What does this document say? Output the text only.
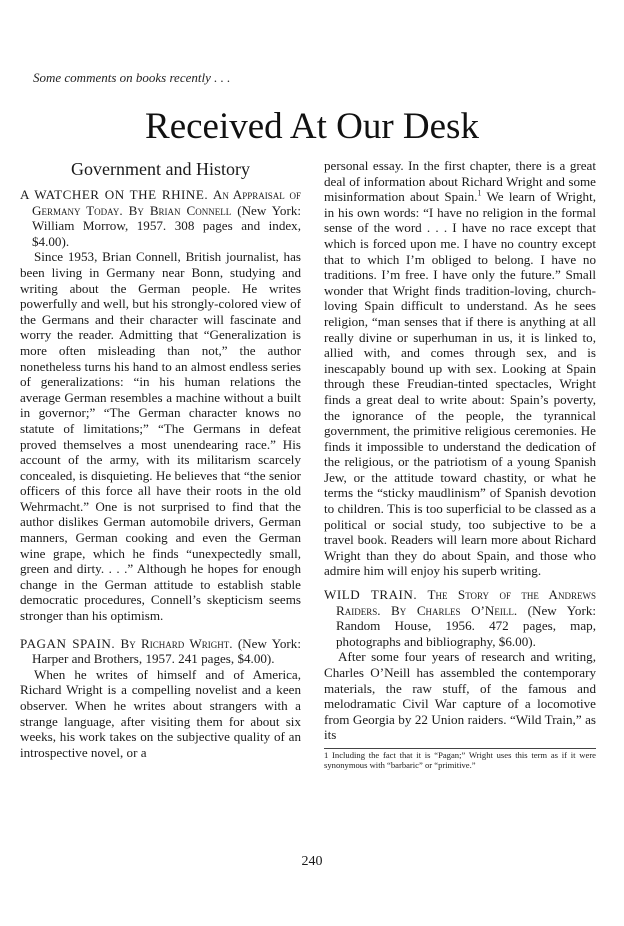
Some comments on books recently . . .
Received At Our Desk
Government and History

A WATCHER ON THE RHINE. An Appraisal of Germany Today. By Brian Connell (New York: William Morrow, 1957. 308 pages and index, $4.00).

Since 1953, Brian Connell, British journalist, has been living in Germany near Bonn, studying and writing about the German people. He writes powerfully and well, but his strongly-colored view of the Germans and their character will fascinate and worry the reader. Admitting that “Generalization is more often misleading than not,” the author nonetheless turns his hand to an almost endless series of generalizations: “in his human relations the average German resembles a machine without a built in governor;” “The German character knows no statute of limitations;” “The Germans in defeat proved themselves a most unendearing race.” His account of the army, with its militarism scarcely concealed, is disquieting. He believes that “the senior officers of this force all have their roots in the old Wehrmacht.” One is not surprised to find that the author dislikes German automobile drivers, German manners, German cooking and even the German wine grape, which he finds “unexpectedly small, green and dirty. . . .” Although he hopes for enough change in the German attitude to establish stable democratic procedures, Connell’s skepticism seems stronger than his optimism.

PAGAN SPAIN. By Richard Wright. (New York: Harper and Brothers, 1957. 241 pages, $4.00).

When he writes of himself and of America, Richard Wright is a compelling novelist and a keen observer. When he writes about strangers with a strange language, after visiting them for about six weeks, his work takes on the subjective quality of an introspective novel, or a

personal essay. In the first chapter, there is a great deal of information about Richard Wright and some misinformation about Spain.$^1$ We learn of Wright, in his own words: “I have no religion in the formal sense of the word . . . I have no race except that which is forced upon me. I have no country except that to which I’m obliged to belong. I have no traditions. I’m free. I have only the future.” Small wonder that Wright finds tradition-loving, church-loving Spain difficult to understand. As he sees religion, “man senses that if there is anything at all really divine or superhuman in us, it is linked to, allied with, and comes through sex, and is inescapably bound up with sex. Looking at Spain through these Freudian-tinted spectacles, Wright finds a great deal to write about: Spain’s poverty, the ignorance of the people, the tyrannical government, the primitive religious ceremonies. He finds it impossible to understand the dedication of the religious, or the patriotism of a young Spanish Jew, or the attitude toward chastity, or what he terms the “sticky maudlinism” of Spanish devotion to children. This is too superficial to be classed as a political or social study, too subjective to be a travel book. Readers will learn more about Richard Wright than they do about Spain, and those who admire him will enjoy his superb writing.

WILD TRAIN. The Story of the Andrews Raiders. By Charles O’Neill. (New York: Random House, 1956. 472 pages, map, photographs and bibliography, $6.00).

After some four years of research and writing, Charles O’Neill has assembled the contemporary materials, the raw stuff, of the famous and melodramatic Civil War capture of a locomotive from Georgia by 22 Union raiders. “Wild Train,” as its

1 Including the fact that it is “Pagan;” Wright uses this term as if it were synonymous with “barbaric” or “primitive.”

240
